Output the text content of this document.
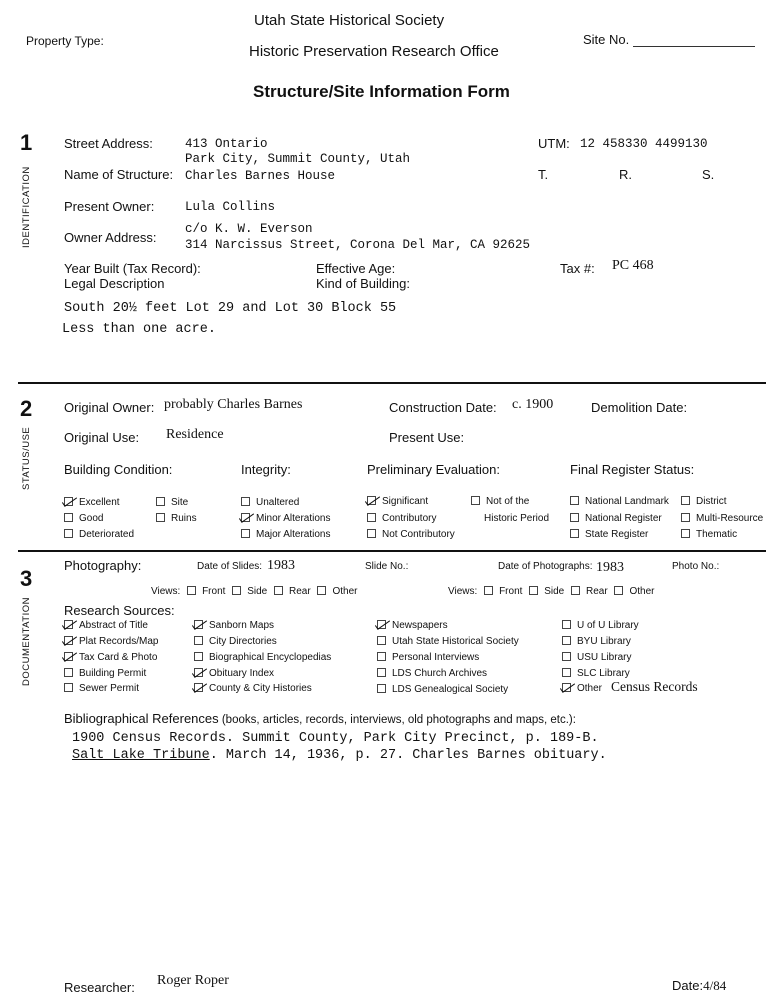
Utah State Historical Society
Property Type:
Historic Preservation Research Office
Site No.
Structure/Site Information Form
1
IDENTIFICATION
Street Address:	413 Ontario
Park City, Summit County, Utah
UTM: 12 458330 4499130
Name of Structure: Charles Barnes House	T.	R.	S.
Present Owner: Lula Collins
Owner Address:
c/o K. W. Everson
314 Narcissus Street, Corona Del Mar, CA 92625
Year Built (Tax Record):	Effective Age:	Tax #: PC 468
Legal Description	Kind of Building:
South 20½ feet Lot 29 and Lot 30 Block 55
Less than one acre.
2
STATUS/USE
Original Owner: probably Charles Barnes	Construction Date: c. 1900	Demolition Date:
Original Use: Residence	Present Use:
Building Condition:	Integrity:	Preliminary Evaluation:	Final Register Status:
Excellent	Site
Good	Ruins
Deteriorated
Unaltered
Minor Alterations
Major Alterations
Significant
Contributory
Not Contributory
Not of the
Historic Period
National Landmark
National Register
State Register
District
Multi-Resource
Thematic
3
DOCUMENTATION
Photography:	Date of Slides: 1983	Slide No.:	Date of Photographs: 1983	Photo No.:
Views: Front Side Rear Other	Views: Front Side Rear Other
Research Sources:
Abstract of Title
Plat Records/Map
Tax Card & Photo
Building Permit
Sewer Permit
Sanborn Maps
City Directories
Biographical Encyclopedias
Obituary Index
County & City Histories
Newspapers
Utah State Historical Society
Personal Interviews
LDS Church Archives
LDS Genealogical Society
U of U Library
BYU Library
USU Library
SLC Library
Other Census Records
Bibliographical References (books, articles, records, interviews, old photographs and maps, etc.):
1900 Census Records. Summit County, Park City Precinct, p. 189-B.
Salt Lake Tribune. March 14, 1936, p. 27. Charles Barnes obituary.
Researcher: Roger Roper	Date:4/84
